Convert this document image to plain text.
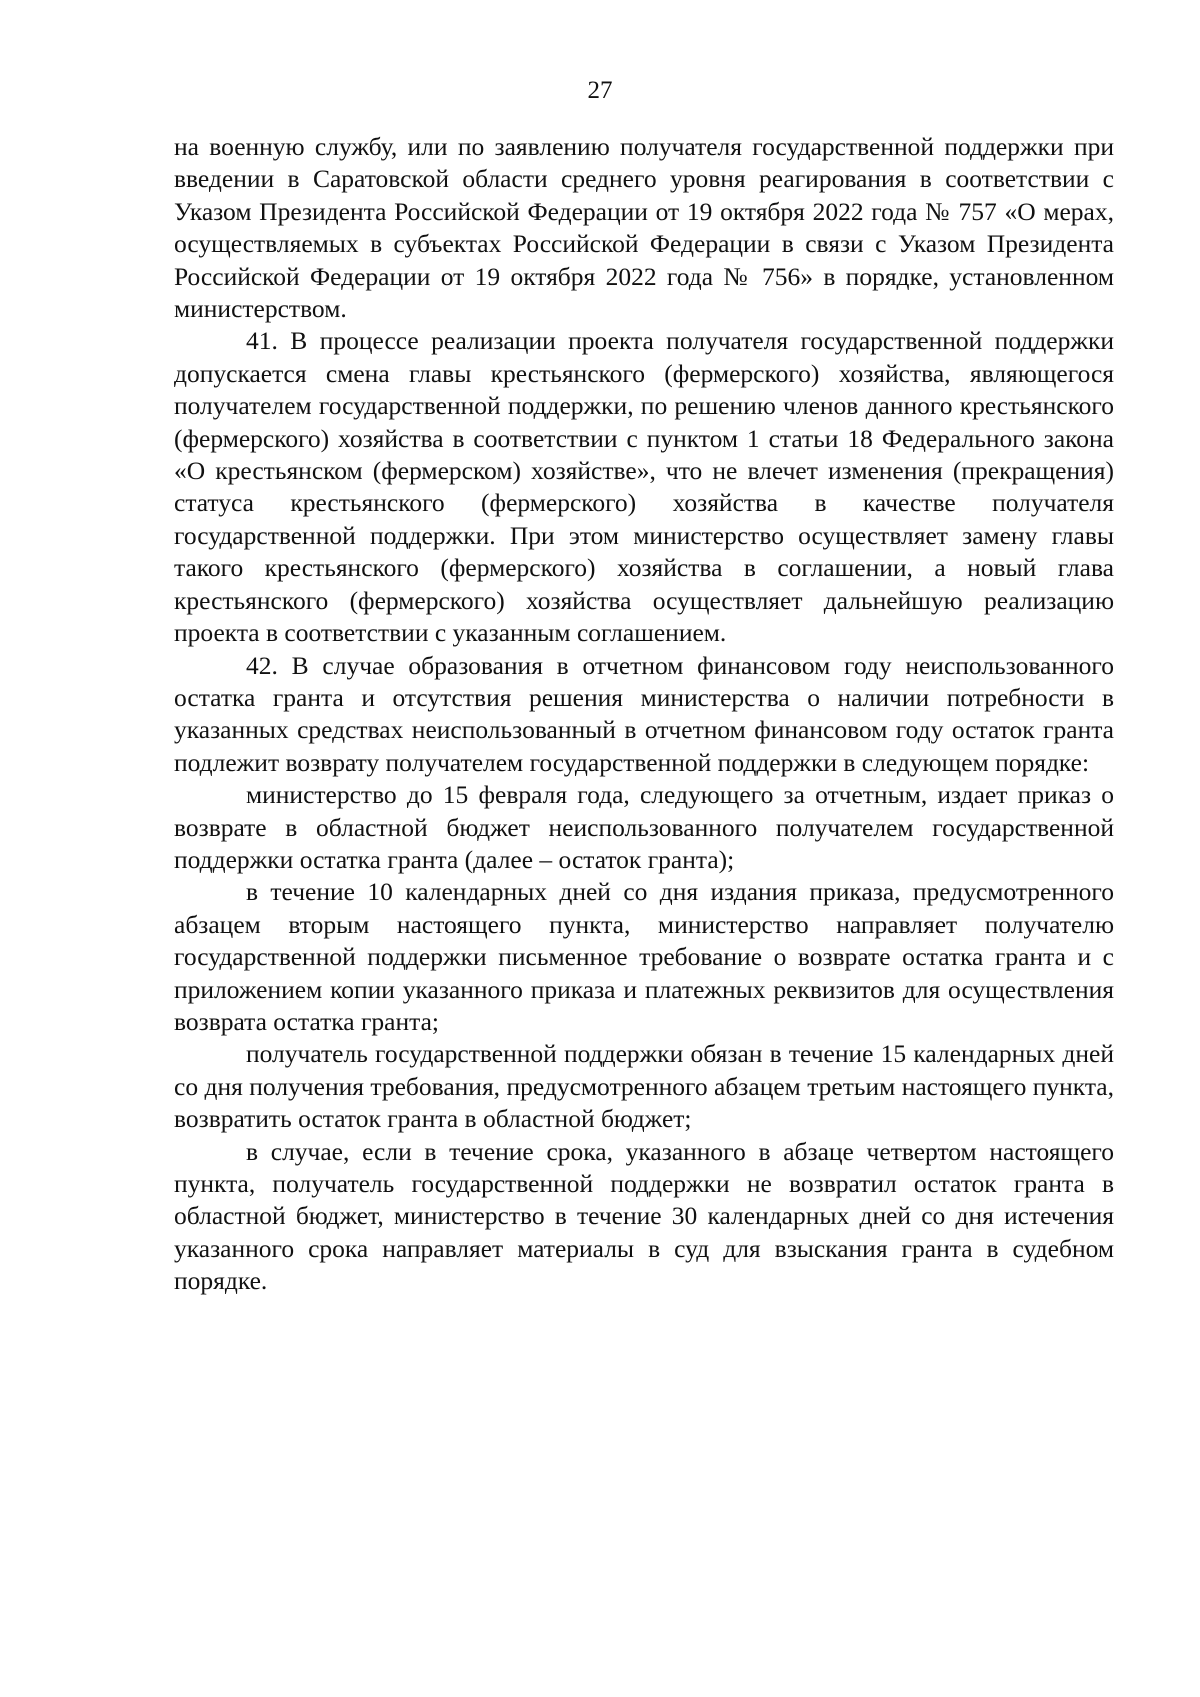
27

на военную службу, или по заявлению получателя государственной поддержки при введении в Саратовской области среднего уровня реагирования в соответствии с Указом Президента Российской Федерации от 19 октября 2022 года № 757 «О мерах, осуществляемых в субъектах Российской Федерации в связи с Указом Президента Российской Федерации от 19 октября 2022 года № 756» в порядке, установленном министерством.

41. В процессе реализации проекта получателя государственной поддержки допускается смена главы крестьянского (фермерского) хозяйства, являющегося получателем государственной поддержки, по решению членов данного крестьянского (фермерского) хозяйства в соответствии с пунктом 1 статьи 18 Федерального закона «О крестьянском (фермерском) хозяйстве», что не влечет изменения (прекращения) статуса крестьянского (фермерского) хозяйства в качестве получателя государственной поддержки. При этом министерство осуществляет замену главы такого крестьянского (фермерского) хозяйства в соглашении, а новый глава крестьянского (фермерского) хозяйства осуществляет дальнейшую реализацию проекта в соответствии с указанным соглашением.

42. В случае образования в отчетном финансовом году неиспользованного остатка гранта и отсутствия решения министерства о наличии потребности в указанных средствах неиспользованный в отчетном финансовом году остаток гранта подлежит возврату получателем государственной поддержки в следующем порядке:

министерство до 15 февраля года, следующего за отчетным, издает приказ о возврате в областной бюджет неиспользованного получателем государственной поддержки остатка гранта (далее – остаток гранта);

в течение 10 календарных дней со дня издания приказа, предусмотренного абзацем вторым настоящего пункта, министерство направляет получателю государственной поддержки письменное требование о возврате остатка гранта и с приложением копии указанного приказа и платежных реквизитов для осуществления возврата остатка гранта;

получатель государственной поддержки обязан в течение 15 календарных дней со дня получения требования, предусмотренного абзацем третьим настоящего пункта, возвратить остаток гранта в областной бюджет;

в случае, если в течение срока, указанного в абзаце четвертом настоящего пункта, получатель государственной поддержки не возвратил остаток гранта в областной бюджет, министерство в течение 30 календарных дней со дня истечения указанного срока направляет материалы в суд для взыскания гранта в судебном порядке.
